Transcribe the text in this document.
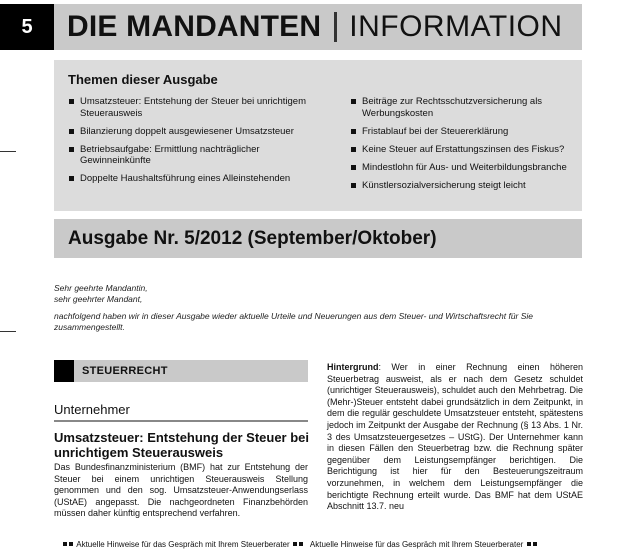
5 DIE MANDANTEN INFORMATION
Themen dieser Ausgabe
Umsatzsteuer: Entstehung der Steuer bei unrichtigem Steuerausweis
Bilanzierung doppelt ausgewiesener Umsatzsteuer
Betriebsaufgabe: Ermittlung nachträglicher Gewinneinkünfte
Doppelte Haushaltsführung eines Alleinstehenden
Beiträge zur Rechtsschutzversicherung als Werbungskosten
Fristablauf bei der Steuererklärung
Keine Steuer auf Erstattungszinsen des Fiskus?
Mindestlohn für Aus- und Weiterbildungsbranche
Künstlersozialversicherung steigt leicht
Ausgabe Nr. 5/2012 (September/Oktober)
Sehr geehrte Mandantin,
sehr geehrter Mandant,
nachfolgend haben wir in dieser Ausgabe wieder aktuelle Urteile und Neuerungen aus dem Steuer- und Wirtschaftsrecht für Sie zusammengestellt.
STEUERRECHT
Unternehmer
Umsatzsteuer: Entstehung der Steuer bei unrichtigem Steuerausweis
Das Bundesfinanzministerium (BMF) hat zur Entstehung der Steuer bei einem unrichtigen Steuerausweis Stellung genommen und den sog. Umsatzsteuer-Anwendungserlass (UStAE) angepasst. Die nachgeordneten Finanzbehörden müssen daher künftig entsprechend verfahren.
Hintergrund: Wer in einer Rechnung einen höheren Steuerbetrag ausweist, als er nach dem Gesetz schuldet (unrichtiger Steuerausweis), schuldet auch den Mehrbetrag. Die (Mehr-)Steuer entsteht dabei grundsätzlich in dem Zeitpunkt, in dem die regulär geschuldete Umsatzsteuer entsteht, spätestens jedoch im Zeitpunkt der Ausgabe der Rechnung (§ 13 Abs. 1 Nr. 3 des Umsatzsteuergesetzes – UStG). Der Unternehmer kann in diesen Fällen den Steuerbetrag bzw. die Rechnung später gegenüber dem Leistungsempfänger berichtigen. Die Berichtigung ist hier für den Besteuerungszeitraum vorzunehmen, in welchem dem Leistungsempfänger die berichtigte Rechnung erteilt wurde. Das BMF hat dem UStAE Abschnitt 13.7. neu
Aktuelle Hinweise für das Gespräch mit Ihrem Steuerberater	Aktuelle Hinweise für das Gespräch mit Ihrem Steuerberater
